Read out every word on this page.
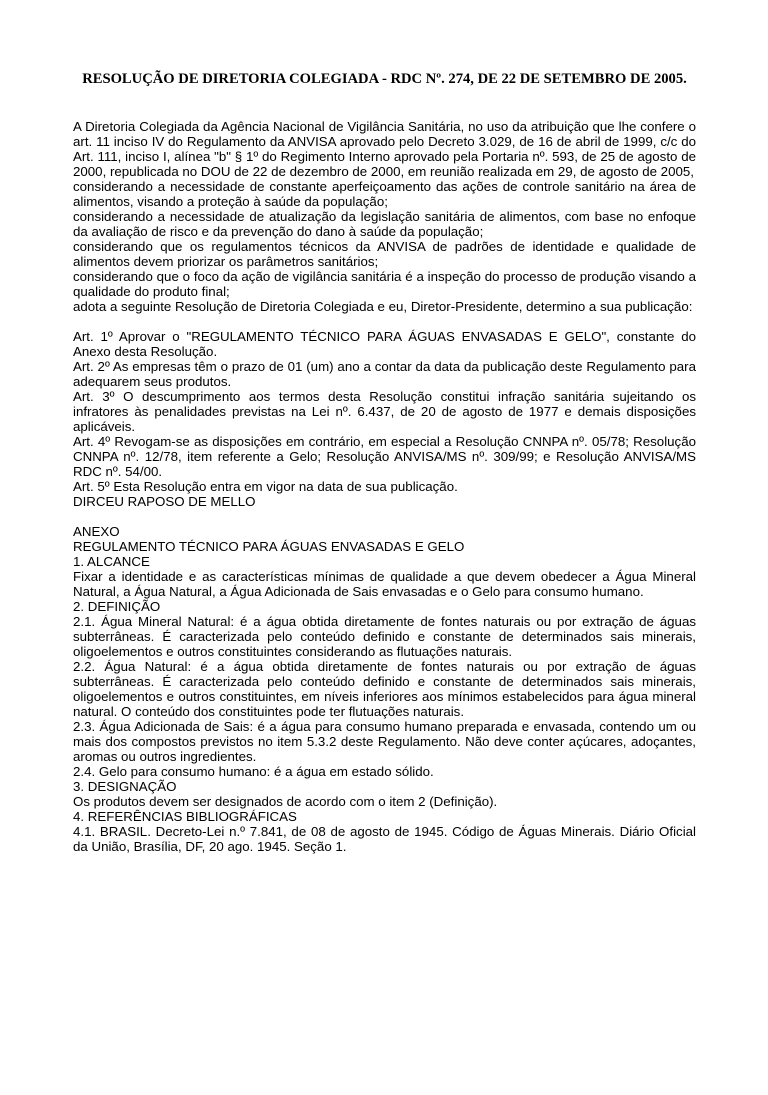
RESOLUÇÃO DE DIRETORIA COLEGIADA - RDC Nº. 274, DE 22 DE SETEMBRO DE 2005.

A Diretoria Colegiada da Agência Nacional de Vigilância Sanitária, no uso da atribuição que lhe confere o art. 11 inciso IV do Regulamento da ANVISA aprovado pelo Decreto 3.029, de 16 de abril de 1999, c/c do Art. 111, inciso I, alínea "b" § 1º do Regimento Interno aprovado pela Portaria nº. 593, de 25 de agosto de 2000, republicada no DOU de 22 de dezembro de 2000, em reunião realizada em 29, de agosto de 2005,

considerando a necessidade de constante aperfeiçoamento das ações de controle sanitário na área de alimentos, visando a proteção à saúde da população;

considerando a necessidade de atualização da legislação sanitária de alimentos, com base no enfoque da avaliação de risco e da prevenção do dano à saúde da população;

considerando que os regulamentos técnicos da ANVISA de padrões de identidade e qualidade de alimentos devem priorizar os parâmetros sanitários;

considerando que o foco da ação de vigilância sanitária é a inspeção do processo de produção visando a qualidade do produto final;

adota a seguinte Resolução de Diretoria Colegiada e eu, Diretor-Presidente, determino a sua publicação:

Art. 1º Aprovar o "REGULAMENTO TÉCNICO PARA ÁGUAS ENVASADAS E GELO", constante do Anexo desta Resolução.

Art. 2º As empresas têm o prazo de 01 (um) ano a contar da data da publicação deste Regulamento para adequarem seus produtos.

Art. 3º O descumprimento aos termos desta Resolução constitui infração sanitária sujeitando os infratores às penalidades previstas na Lei nº. 6.437, de 20 de agosto de 1977 e demais disposições aplicáveis.

Art. 4º Revogam-se as disposições em contrário, em especial a Resolução CNNPA nº. 05/78; Resolução CNNPA nº. 12/78, item referente a Gelo; Resolução ANVISA/MS nº. 309/99; e Resolução ANVISA/MS RDC nº. 54/00.

Art. 5º Esta Resolução entra em vigor na data de sua publicação.

DIRCEU RAPOSO DE MELLO

ANEXO

REGULAMENTO TÉCNICO PARA ÁGUAS ENVASADAS E GELO

1. ALCANCE

Fixar a identidade e as características mínimas de qualidade a que devem obedecer a Água Mineral Natural, a Água Natural, a Água Adicionada de Sais envasadas e o Gelo para consumo humano.

2. DEFINIÇÃO

2.1. Água Mineral Natural: é a água obtida diretamente de fontes naturais ou por extração de águas subterrâneas. É caracterizada pelo conteúdo definido e constante de determinados sais minerais, oligoelementos e outros constituintes considerando as flutuações naturais.

2.2. Água Natural: é a água obtida diretamente de fontes naturais ou por extração de águas subterrâneas. É caracterizada pelo conteúdo definido e constante de determinados sais minerais, oligoelementos e outros constituintes, em níveis inferiores aos mínimos estabelecidos para água mineral natural. O conteúdo dos constituintes pode ter flutuações naturais.

2.3. Água Adicionada de Sais: é a água para consumo humano preparada e envasada, contendo um ou mais dos compostos previstos no item 5.3.2 deste Regulamento. Não deve conter açúcares, adoçantes, aromas ou outros ingredientes.

2.4. Gelo para consumo humano: é a água em estado sólido.

3. DESIGNAÇÃO

Os produtos devem ser designados de acordo com o item 2 (Definição).

4. REFERÊNCIAS BIBLIOGRÁFICAS

4.1. BRASIL. Decreto-Lei n.º 7.841, de 08 de agosto de 1945. Código de Águas Minerais. Diário Oficial da União, Brasília, DF, 20 ago. 1945. Seção 1.
